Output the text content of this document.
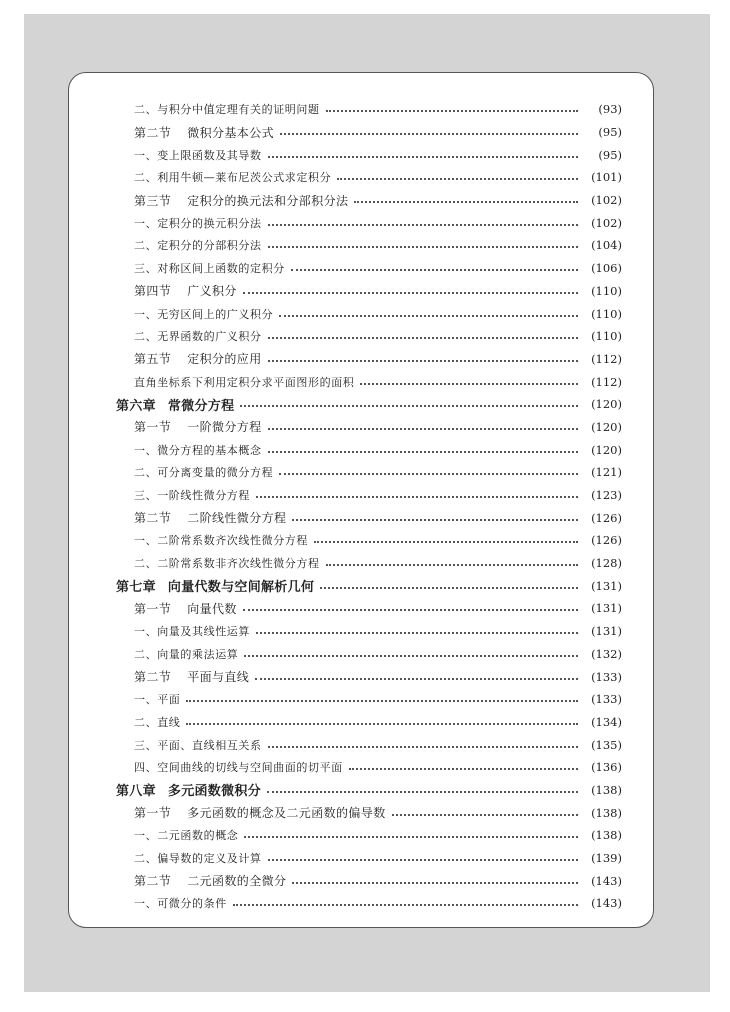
二、与积分中值定理有关的证明问题	(93)
第二节 微积分基本公式	(95)
一、变上限函数及其导数	(95)
二、利用牛顿—莱布尼茨公式求定积分	(101)
第三节 定积分的换元法和分部积分法	(102)
一、定积分的换元积分法	(102)
二、定积分的分部积分法	(104)
三、对称区间上函数的定积分	(106)
第四节 广义积分	(110)
一、无穷区间上的广义积分	(110)
二、无界函数的广义积分	(110)
第五节 定积分的应用	(112)
直角坐标系下利用定积分求平面图形的面积	(112)
第六章 常微分方程	(120)
第一节 一阶微分方程	(120)
一、微分方程的基本概念	(120)
二、可分离变量的微分方程	(121)
三、一阶线性微分方程	(123)
第二节 二阶线性微分方程	(126)
一、二阶常系数齐次线性微分方程	(126)
二、二阶常系数非齐次线性微分方程	(128)
第七章 向量代数与空间解析几何	(131)
第一节 向量代数	(131)
一、向量及其线性运算	(131)
二、向量的乘法运算	(132)
第二节 平面与直线	(133)
一、平面	(133)
二、直线	(134)
三、平面、直线相互关系	(135)
四、空间曲线的切线与空间曲面的切平面	(136)
第八章 多元函数微积分	(138)
第一节 多元函数的概念及二元函数的偏导数	(138)
一、二元函数的概念	(138)
二、偏导数的定义及计算	(139)
第二节 二元函数的全微分	(143)
一、可微分的条件	(143)
